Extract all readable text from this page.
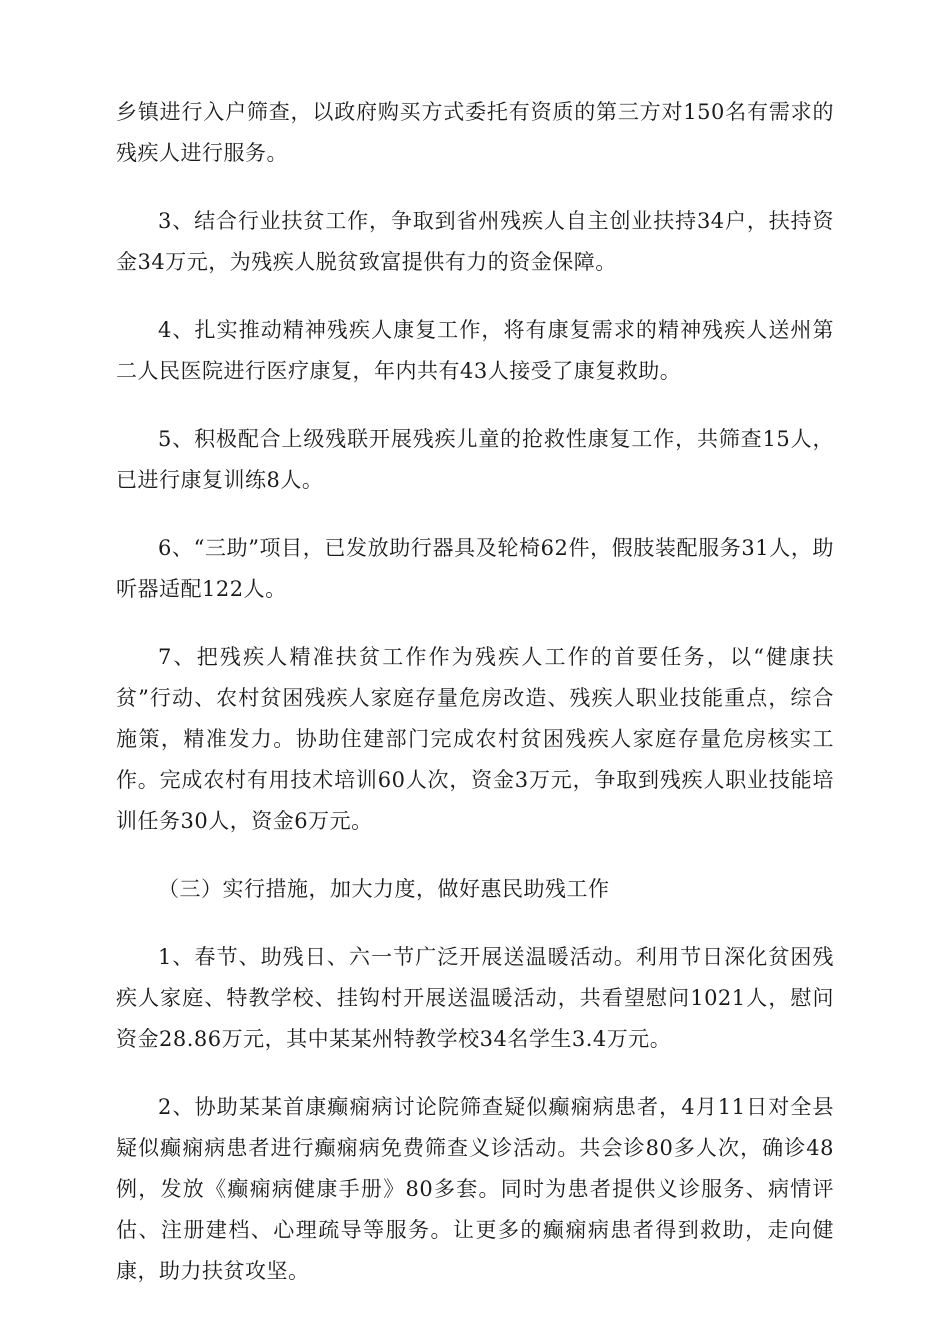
乡镇进行入户筛查，以政府购买方式委托有资质的第三方对150名有需求的残疾人进行服务。

3、结合行业扶贫工作，争取到省州残疾人自主创业扶持34户，扶持资金34万元，为残疾人脱贫致富提供有力的资金保障。

4、扎实推动精神残疾人康复工作，将有康复需求的精神残疾人送州第二人民医院进行医疗康复，年内共有43人接受了康复救助。

5、积极配合上级残联开展残疾儿童的抢救性康复工作，共筛查15人，已进行康复训练8人。

6、“三助”项目，已发放助行器具及轮椅62件，假肢装配服务31人，助听器适配122人。

7、把残疾人精准扶贫工作作为残疾人工作的首要任务，以“健康扶贫”行动、农村贫困残疾人家庭存量危房改造、残疾人职业技能重点，综合施策，精准发力。协助住建部门完成农村贫困残疾人家庭存量危房核实工作。完成农村有用技术培训60人次，资金3万元，争取到残疾人职业技能培训任务30人，资金6万元。

（三）实行措施，加大力度，做好惠民助残工作

1、春节、助残日、六一节广泛开展送温暖活动。利用节日深化贫困残疾人家庭、特教学校、挂钩村开展送温暖活动，共看望慰问1021人，慰问资金28.86万元，其中某某州特教学校34名学生3.4万元。

2、协助某某首康癫痫病讨论院筛查疑似癫痫病患者，4月11日对全县疑似癫痫病患者进行癫痫病免费筛查义诊活动。共会诊80多人次，确诊48例，发放《癫痫病健康手册》80多套。同时为患者提供义诊服务、病情评估、注册建档、心理疏导等服务。让更多的癫痫病患者得到救助，走向健康，助力扶贫攻坚。
